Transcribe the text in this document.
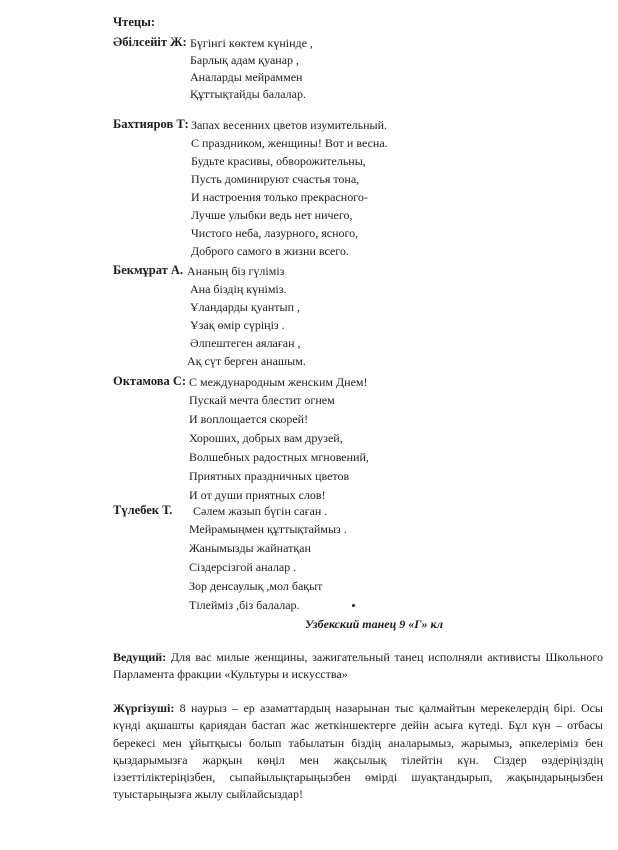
Чтецы:
Әбілсейіт Ж: Бүгінгі көктем күнінде ,
Барлық адам қуанар ,
Аналарды мейраммен
Құттықтайды балалар.
Бахтияров Т: Запах весенних цветов изумительный.
С праздником, женщины! Вот и весна.
Будьте красивы, обворожительны,
Пусть доминируют счастья тона,
И настроения только прекрасного-
Лучше улыбки ведь нет ничего,
Чистого неба, лазурного, ясного,
Доброго самого в жизни всего.
Бекмұрат А. Ананың біз гүліміз
Ана біздің күніміз.
Ұландарды қуантып ,
Ұзақ өмір сүріңіз .
Әлпештеген аялаған ,
Ақ сүт берген анашым.
Октамова С: С международным женским Днем!
Пускай мечта блестит огнем
И воплощается скорей!
Хороших, добрых вам друзей,
Волшебных радостных мгновений,
Приятных праздничных цветов
И от души приятных слов!
Түлебек Т. Сәлем жазып бүгін саған .
Мейрамыңмен құттықтаймыз .
Жанымызды жайнатқан
Сіздерсізгой аналар .
Зор денсаулық ,мол бақыт
Тілейміз ,біз балалар.
Узбекский танец 9 «Г» кл
Ведущий: Для вас милые женщины, зажигательный танец исполняли активисты Школьного Парламента фракции «Культуры и искусства»
Жүргізуші: 8 наурыз – ер азаматтардың назарынан тыс қалмайтын мерекелердің бірі. Осы күнді ақшашты қариядан бастап жас жеткіншектерге дейін асыға күтеді. Бұл күн – отбасы берекесі мен ұйытқысы болып табылатын біздің аналарымыз, жарымыз, әпкелеріміз бен қыздарымызға жарқын көңіл мен жақсылық тілейтін күн. Сіздер өздеріңіздің іззеттіліктеріңізбен, сыпайылықтарыңызбен өмірді шуақтандырып, жақындарыңызбен туыстарыңызға жылу сыйлайсыздар!
